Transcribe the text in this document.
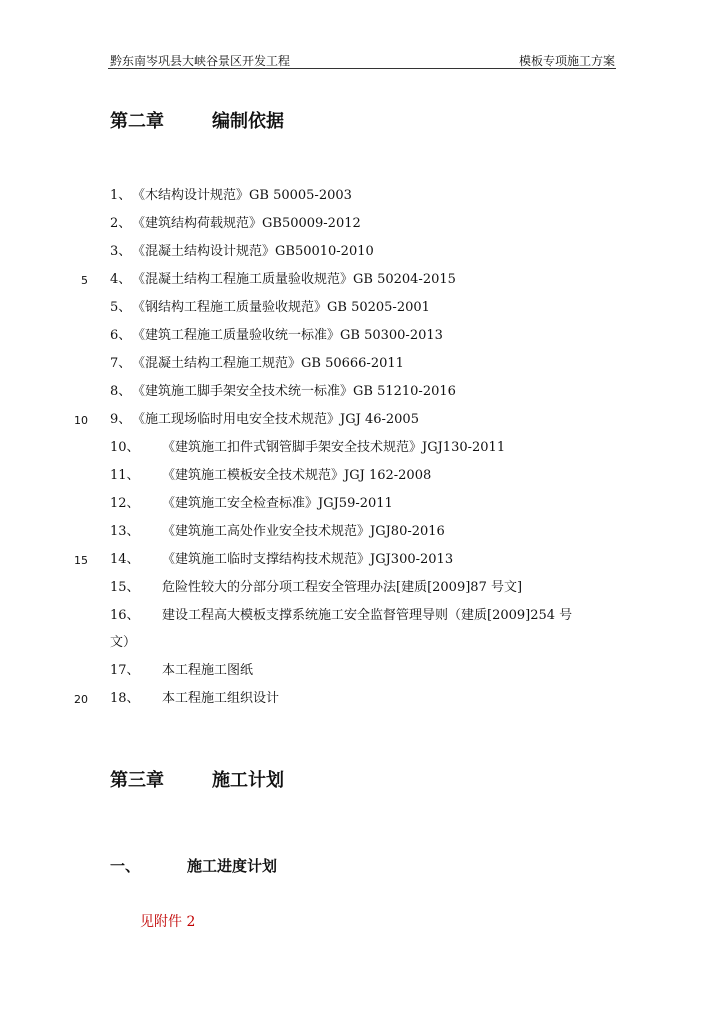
黔东南岑巩县大峡谷景区开发工程	模板专项施工方案
第二章	编制依据
1、 《木结构设计规范》GB 50005-2003
2、 《建筑结构荷载规范》GB50009-2012
3、 《混凝土结构设计规范》GB50010-2010
4、 《混凝土结构工程施工质量验收规范》GB 50204-2015
5、 《钢结构工程施工质量验收规范》GB 50205-2001
6、 《建筑工程施工质量验收统一标准》GB 50300-2013
7、 《混凝土结构工程施工规范》GB 50666-2011
8、 《建筑施工脚手架安全技术统一标准》GB 51210-2016
9、 《施工现场临时用电安全技术规范》JGJ 46-2005
10、 《建筑施工扣件式钢管脚手架安全技术规范》JGJ130-2011
11、 《建筑施工模板安全技术规范》JGJ 162-2008
12、 《建筑施工安全检查标准》JGJ59-2011
13、 《建筑施工高处作业安全技术规范》JGJ80-2016
14、 《建筑施工临时支撑结构技术规范》JGJ300-2013
15、 危险性较大的分部分项工程安全管理办法[建质[2009]87 号文]
16、 建设工程高大模板支撑系统施工安全监督管理导则（建质[2009]254 号
文）
17、 本工程施工图纸
18、 本工程施工组织设计
5
10
15
20
第三章	施工计划
一、	施工进度计划
见附件 2
